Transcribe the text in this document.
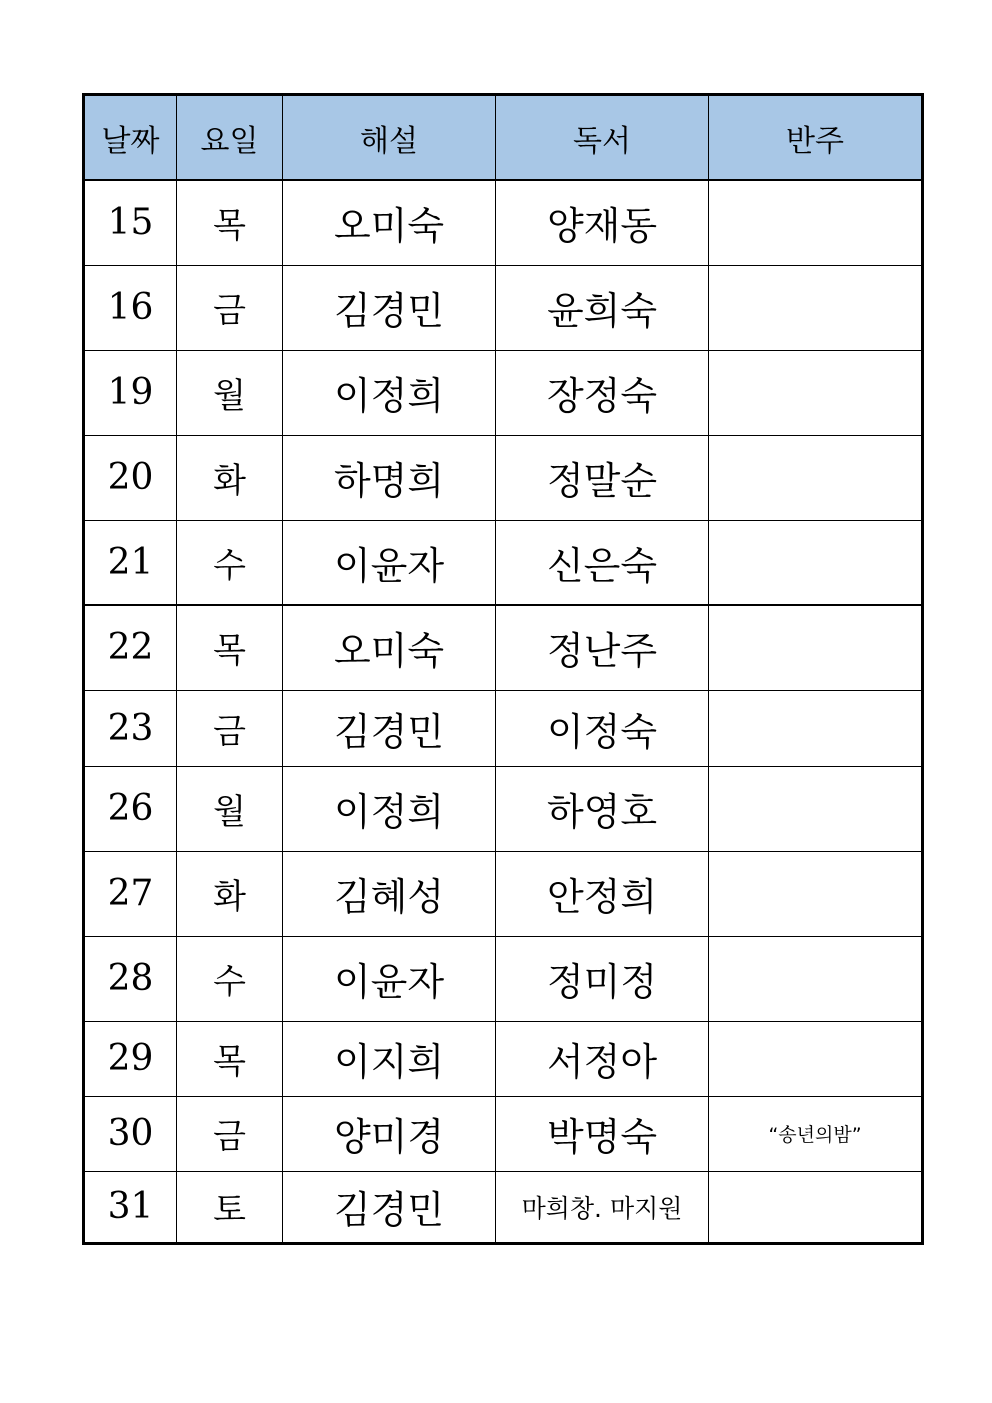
날짜	요일	해설	독서	반주
15	목	오미숙	양재동	
16	금	김경민	윤희숙	
19	월	이정희	장정숙	
20	화	하명희	정말순	
21	수	이윤자	신은숙	
22	목	오미숙	정난주	
23	금	김경민	이정숙	
26	월	이정희	하영호	
27	화	김혜성	안정희	
28	수	이윤자	정미정	
29	목	이지희	서정아	
30	금	양미경	박명숙	“송년의밤”
31	토	김경민	마희창. 마지원	
